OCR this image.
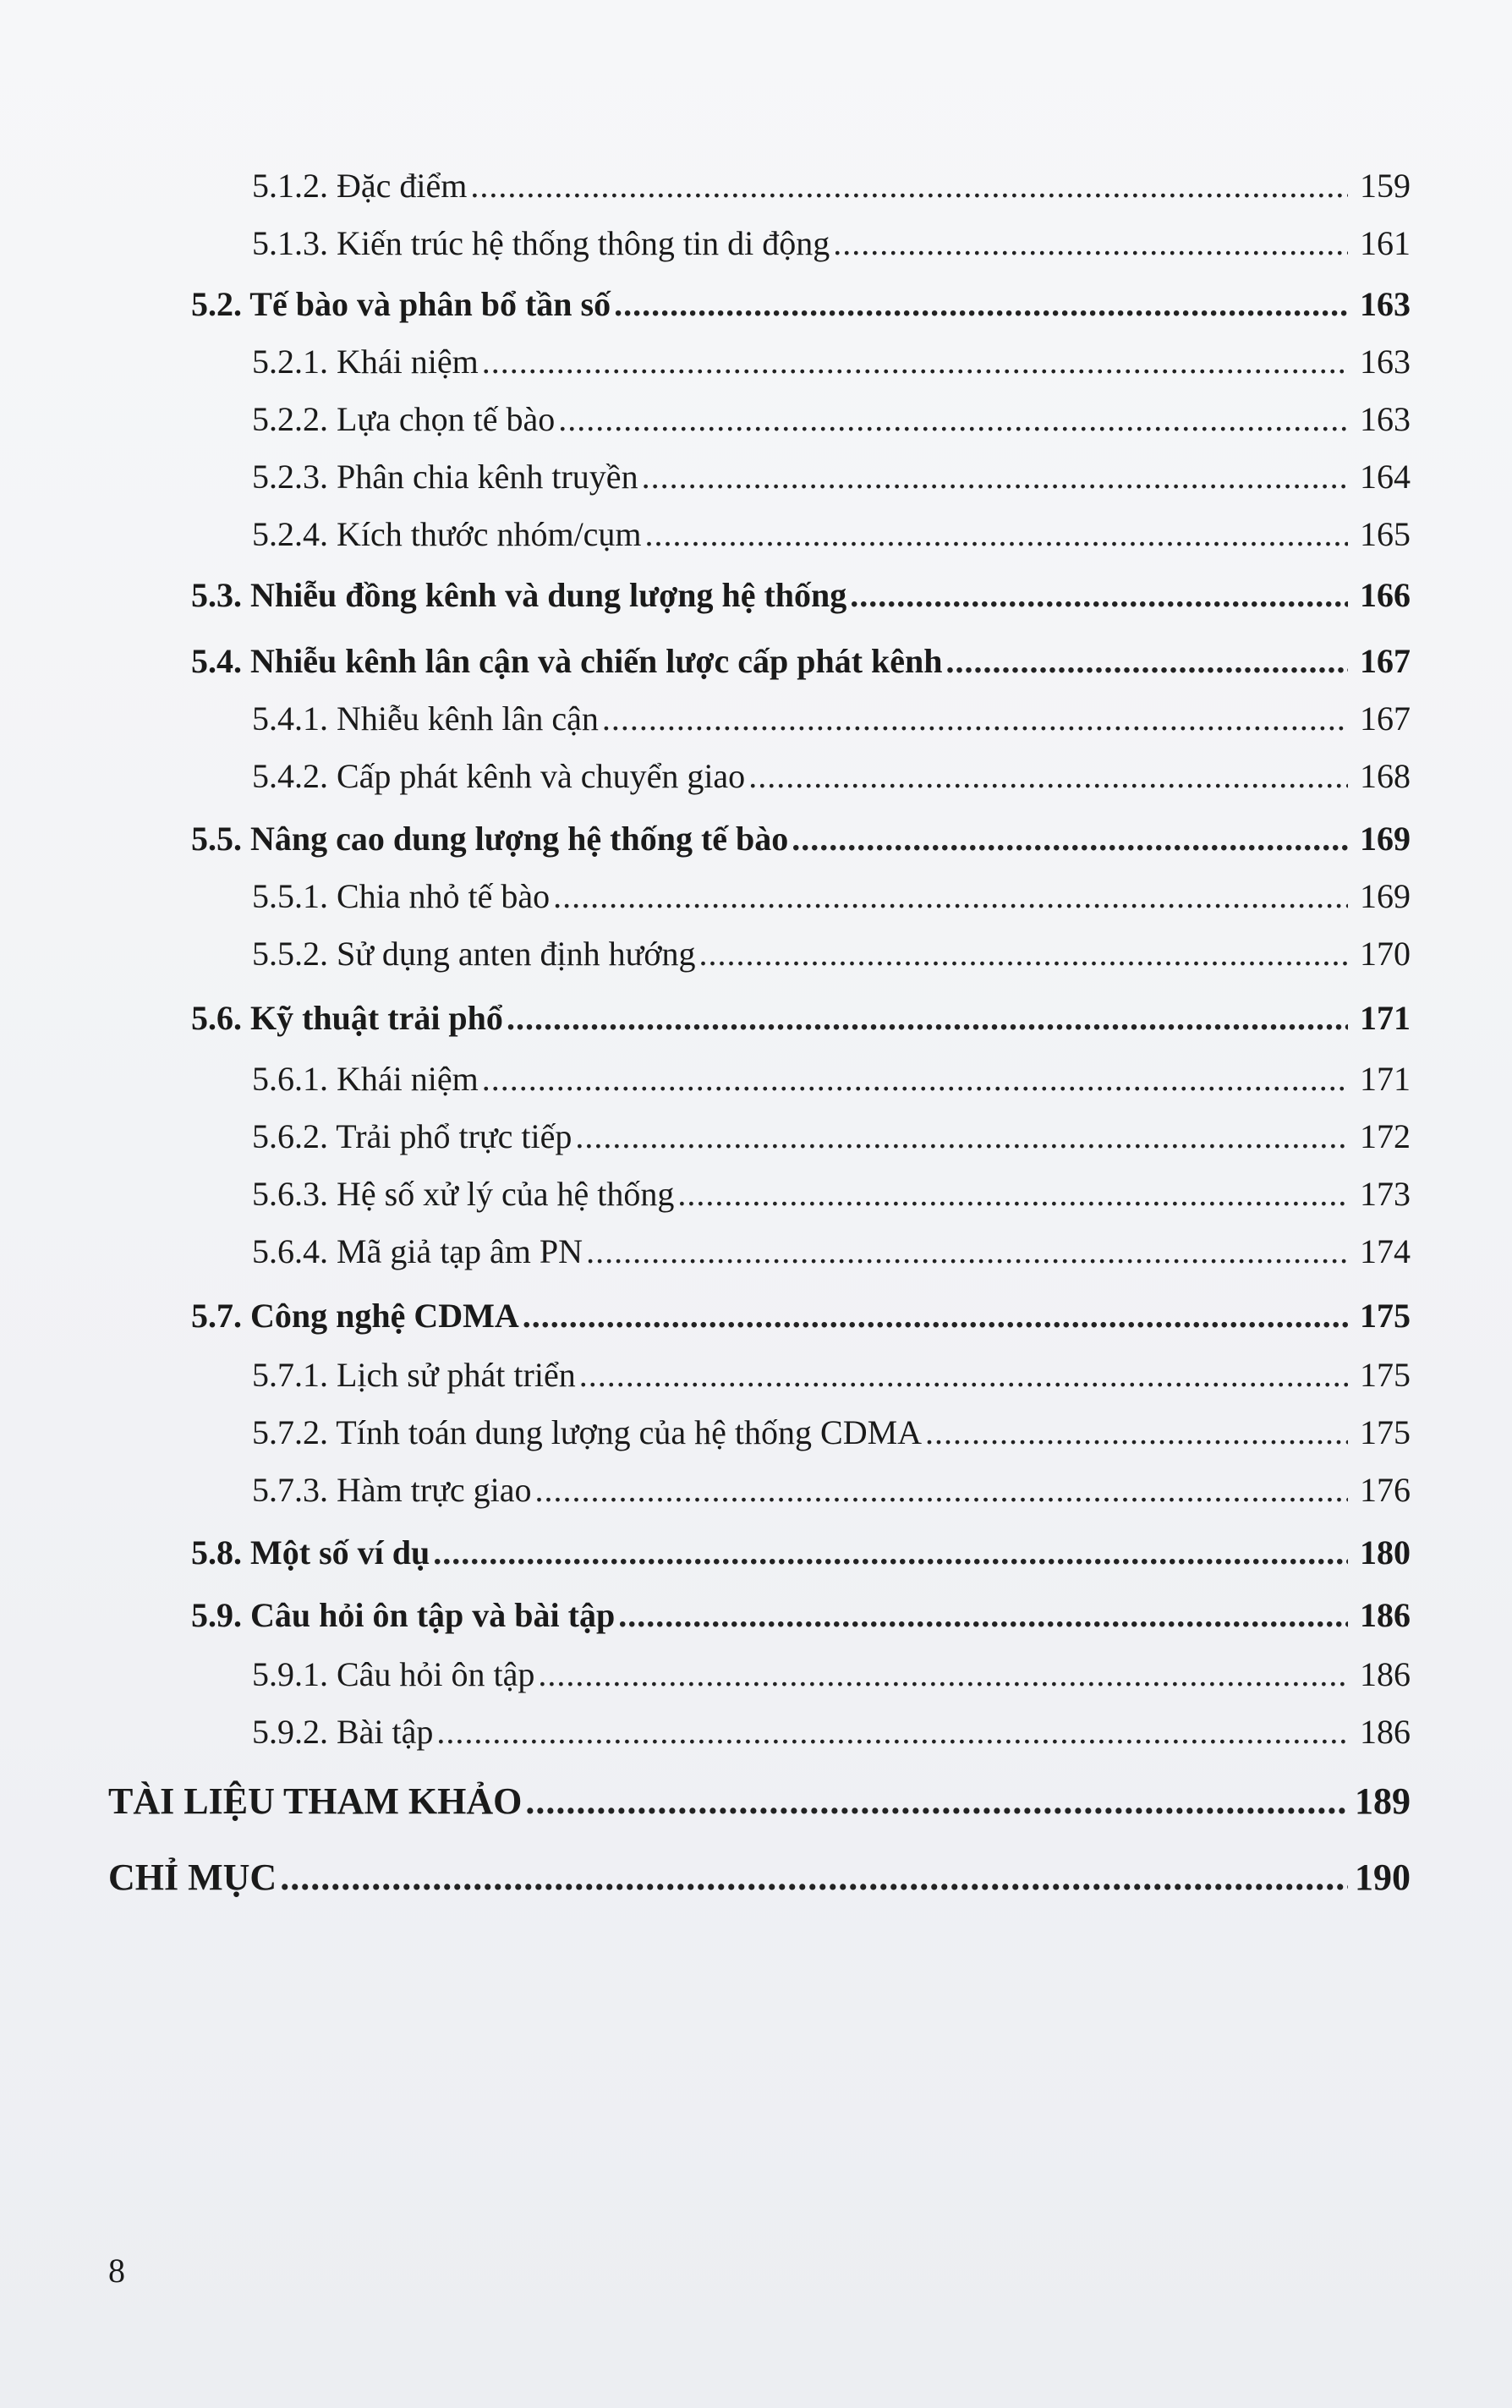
5.1.2. Đặc điểm .....	159
5.1.3. Kiến trúc hệ thống thông tin di động .....	161
5.2. Tế bào và phân bổ tần số .....	163
5.2.1. Khái niệm .....	163
5.2.2. Lựa chọn tế bào .....	163
5.2.3. Phân chia kênh truyền .....	164
5.2.4. Kích thước nhóm/cụm .....	165
5.3. Nhiễu đồng kênh và dung lượng hệ thống .....	166
5.4. Nhiễu kênh lân cận và chiến lược cấp phát kênh .....	167
5.4.1. Nhiễu kênh lân cận .....	167
5.4.2. Cấp phát kênh và chuyển giao .....	168
5.5. Nâng cao dung lượng hệ thống tế bào .....	169
5.5.1. Chia nhỏ tế bào .....	169
5.5.2. Sử dụng anten định hướng .....	170
5.6. Kỹ thuật trải phổ .....	171
5.6.1. Khái niệm .....	171
5.6.2. Trải phổ trực tiếp .....	172
5.6.3. Hệ số xử lý của hệ thống .....	173
5.6.4. Mã giả tạp âm PN .....	174
5.7. Công nghệ CDMA .....	175
5.7.1. Lịch sử phát triển .....	175
5.7.2. Tính toán dung lượng của hệ thống CDMA .....	175
5.7.3. Hàm trực giao .....	176
5.8. Một số ví dụ .....	180
5.9. Câu hỏi ôn tập và bài tập .....	186
5.9.1. Câu hỏi ôn tập .....	186
5.9.2. Bài tập .....	186
TÀI LIỆU THAM KHẢO .....	189
CHỈ MỤC .....	190
8
